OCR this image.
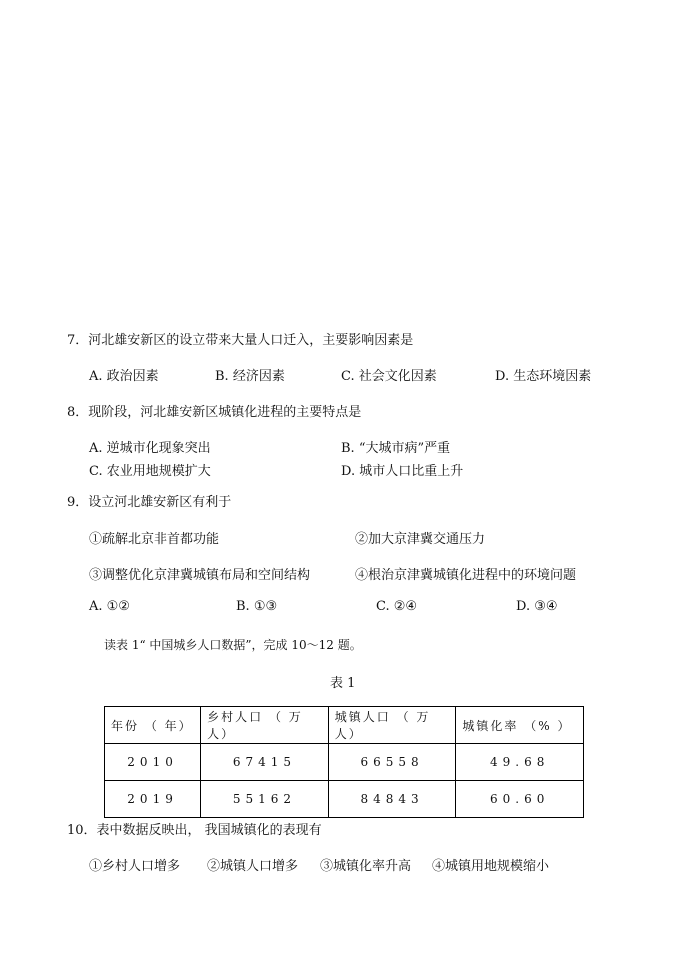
7．河北雄安新区的设立带来大量人口迁入，主要影响因素是
A. 政治因素	B. 经济因素	C. 社会文化因素	D. 生态环境因素
8．现阶段，河北雄安新区城镇化进程的主要特点是
A. 逆城市化现象突出	B. “大城市病”严重
C. 农业用地规模扩大	D. 城市人口比重上升
9．设立河北雄安新区有利于
①疏解北京非首都功能	②加大京津冀交通压力
③调整优化京津冀城镇布局和空间结构	④根治京津冀城镇化进程中的环境问题
A. ①②	B. ①③	C. ②④	D. ③④
读表 1“ 中国城乡人口数据”，完成 10～12 题。
表 1
年份 （ 年）	乡村人口 （ 万人）	城镇人口 （ 万人）	城镇化率 （% ）
2010	67415	66558	49.68
2019	55162	84843	60.60
10．表中数据反映出， 我国城镇化的表现有
①乡村人口增多 ②城镇人口增多 ③城镇化率升高 ④城镇用地规模缩小
